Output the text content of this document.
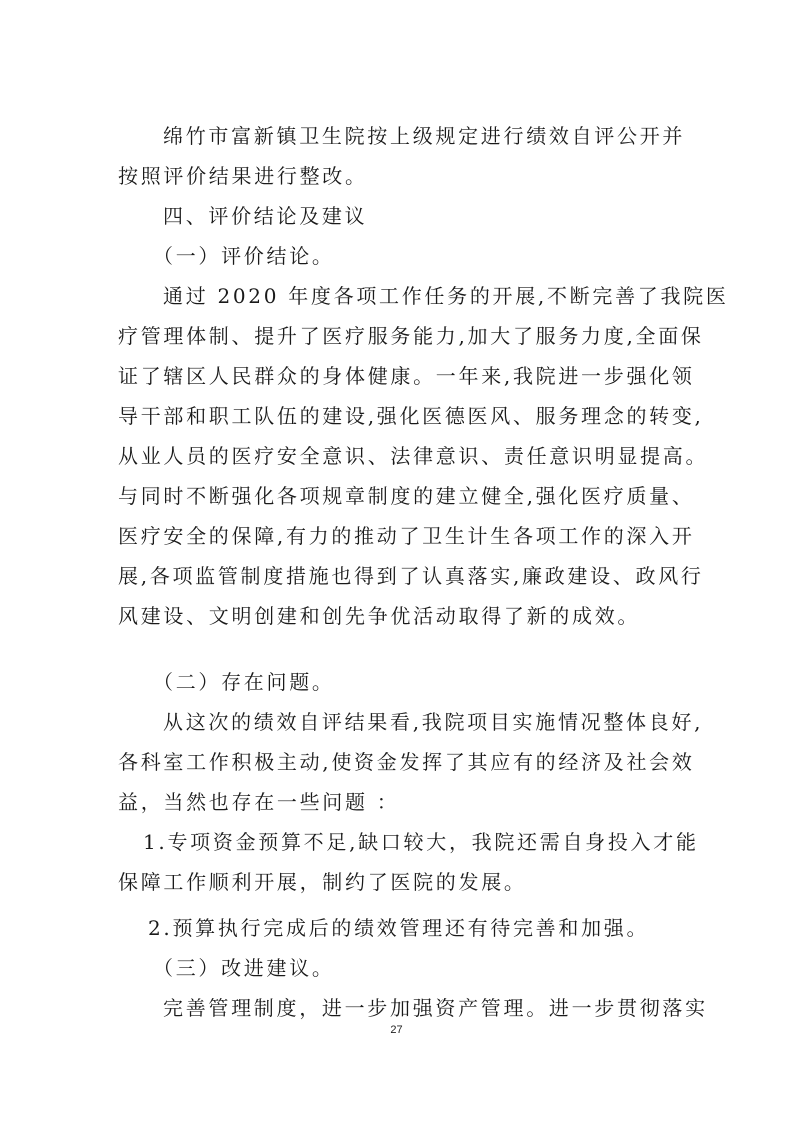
绵竹市富新镇卫生院按上级规定进行绩效自评公开并

按照评价结果进行整改。

四、评价结论及建议

（一）评价结论。

通过 2020 年度各项工作任务的开展,不断完善了我院医

疗管理体制、提升了医疗服务能力,加大了服务力度,全面保

证了辖区人民群众的身体健康。一年来,我院进一步强化领

导干部和职工队伍的建设,强化医德医风、服务理念的转变,

从业人员的医疗安全意识、法律意识、责任意识明显提高。

与同时不断强化各项规章制度的建立健全,强化医疗质量、

医疗安全的保障,有力的推动了卫生计生各项工作的深入开

展,各项监管制度措施也得到了认真落实,廉政建设、政风行

风建设、文明创建和创先争优活动取得了新的成效。

（二）存在问题。

从这次的绩效自评结果看,我院项目实施情况整体良好,

各科室工作积极主动,使资金发挥了其应有的经济及社会效

益，当然也存在一些问题 ：

1.专项资金预算不足,缺口较大，我院还需自身投入才能

保障工作顺利开展，制约了医院的发展。

2.预算执行完成后的绩效管理还有待完善和加强。

（三）改进建议。

完善管理制度，进一步加强资产管理。进一步贯彻落实

27
